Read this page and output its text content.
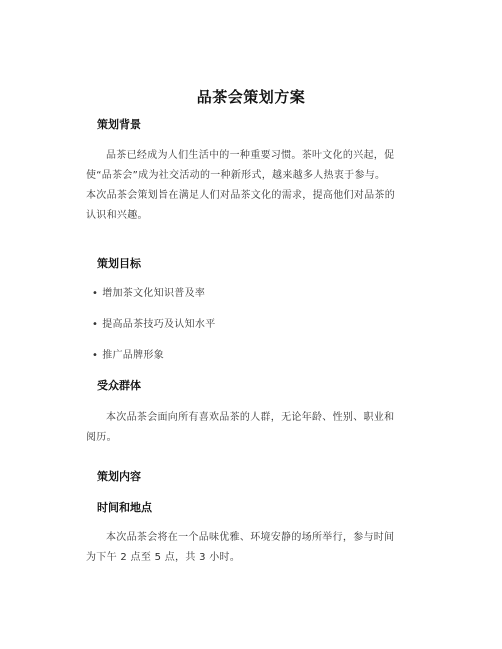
品茶会策划方案
策划背景
品茶已经成为人们生活中的一种重要习惯。茶叶文化的兴起，促
使“品茶会”成为社交活动的一种新形式，越来越多人热衷于参与。
本次品茶会策划旨在满足人们对品茶文化的需求，提高他们对品茶的
认识和兴趣。
策划目标
• 增加茶文化知识普及率
• 提高品茶技巧及认知水平
• 推广品牌形象
受众群体
本次品茶会面向所有喜欢品茶的人群，无论年龄、性别、职业和
阅历。
策划内容
时间和地点
本次品茶会将在一个品味优雅、环境安静的场所举行，参与时间
为下午 2 点至 5 点，共 3 小时。
